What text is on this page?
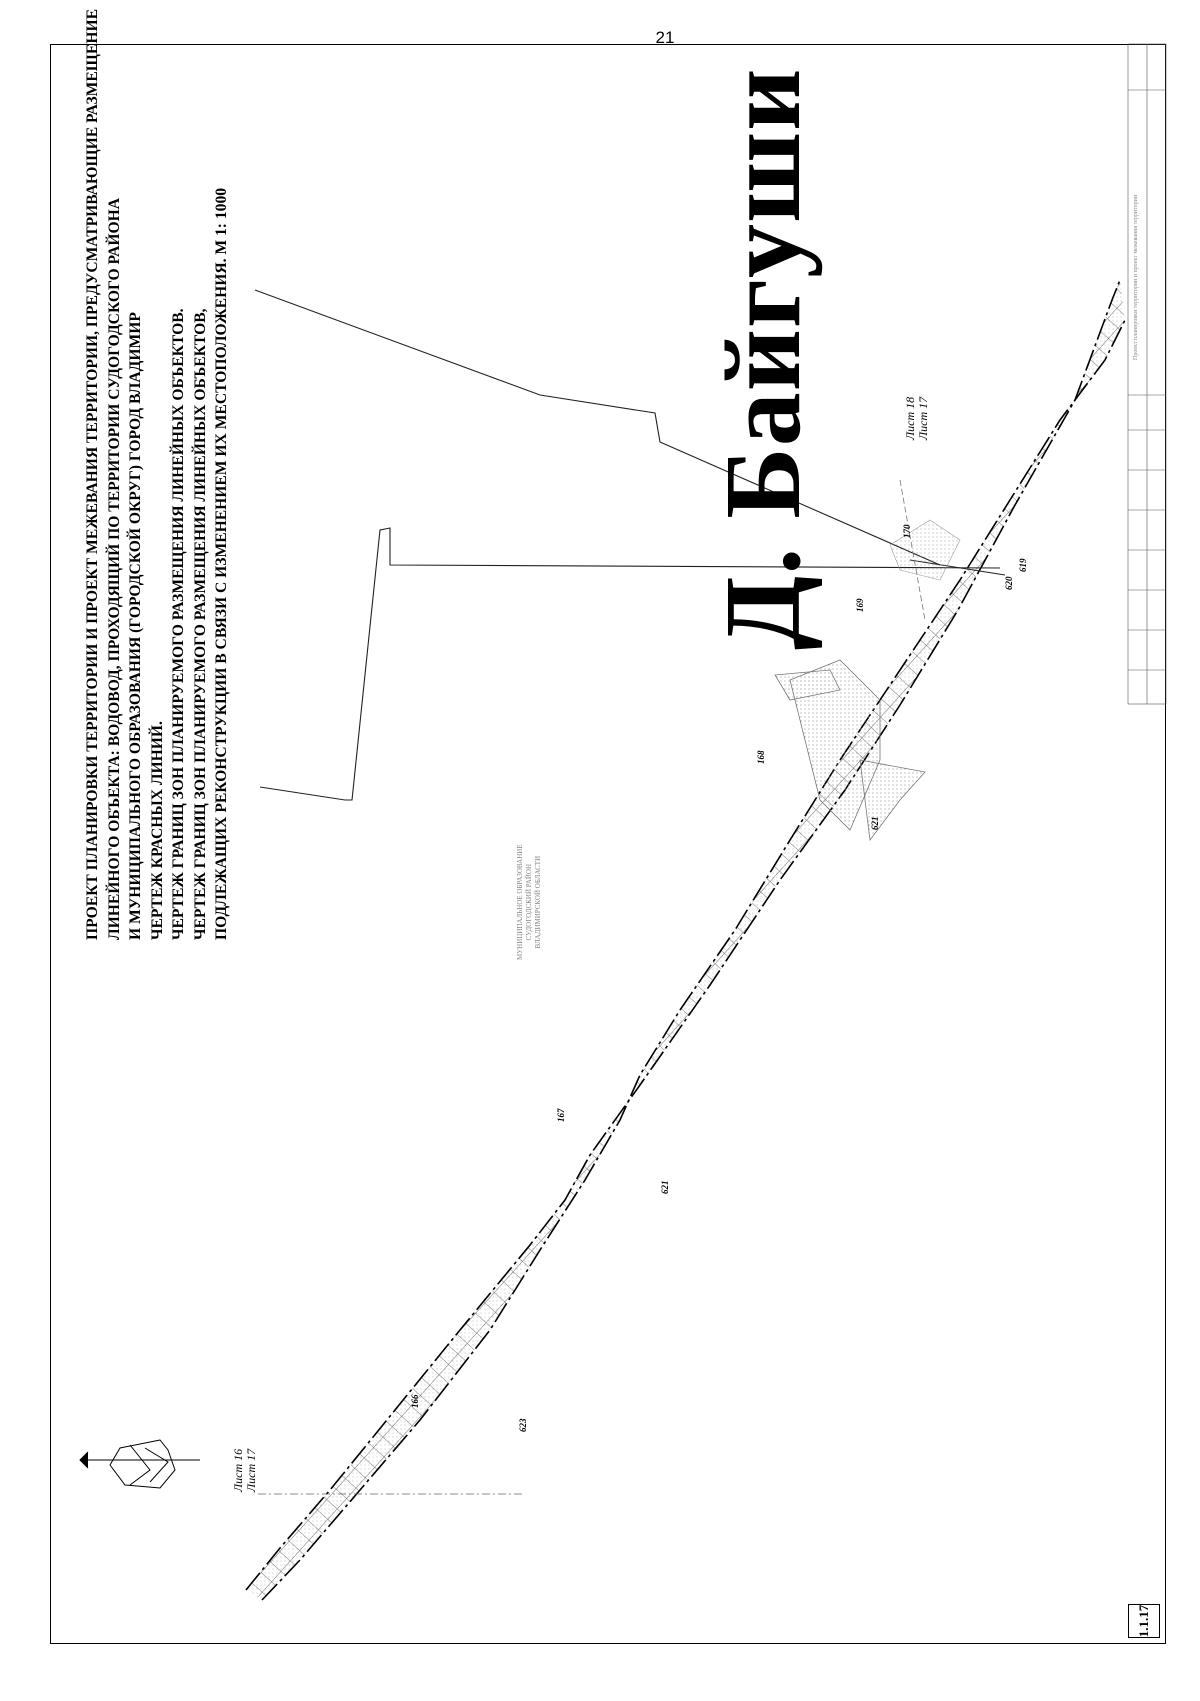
21
ПРОЕКТ ПЛАНИРОВКИ ТЕРРИТОРИИ И ПРОЕКТ МЕЖЕВАНИЯ ТЕРРИТОРИИ, ПРЕДУСМАТРИВАЮЩИЕ РАЗМЕЩЕНИЕ ЛИНЕЙНОГО ОБЪЕКТА: ВОДОВОД, ПРОХОДЯЩИЙ ПО ТЕРРИТОРИИ СУДОГОДСКОГО РАЙОНА И МУНИЦИПАЛЬНОГО ОБРАЗОВАНИЯ (ГОРОДСКОЙ ОКРУГ) ГОРОД ВЛАДИМИР ЧЕРТЕЖ КРАСНЫХ ЛИНИЙ. ЧЕРТЕЖ ГРАНИЦ ЗОН ПЛАНИРУЕМОГО РАЗМЕЩЕНИЯ ЛИНЕЙНЫХ ОБЪЕКТОВ. ЧЕРТЕЖ ГРАНИЦ ЗОН ПЛАНИРУЕМОГО РАЗМЕЩЕНИЯ ЛИНЕЙНЫХ ОБЪЕКТОВ, ПОДЛЕЖАЩИХ РЕКОНСТРУКЦИИ В СВЯЗИ С ИЗМЕНЕНИЕМ ИХ МЕСТОПОЛОЖЕНИЯ. М 1: 1000	Д. Байгуши
Лист 16 Лист 17
Лист 18 Лист 17
166
167
168
169
170
619
620
621
621
623
МУНИЦИПАЛЬНОЕ ОБРАЗОВАНИЕ СУДОГОДСКИЙ РАЙОН ВЛАДИМИРСКОЙ ОБЛАСТИ
Проект планировки территории и проект межевания территории
1.1.17
